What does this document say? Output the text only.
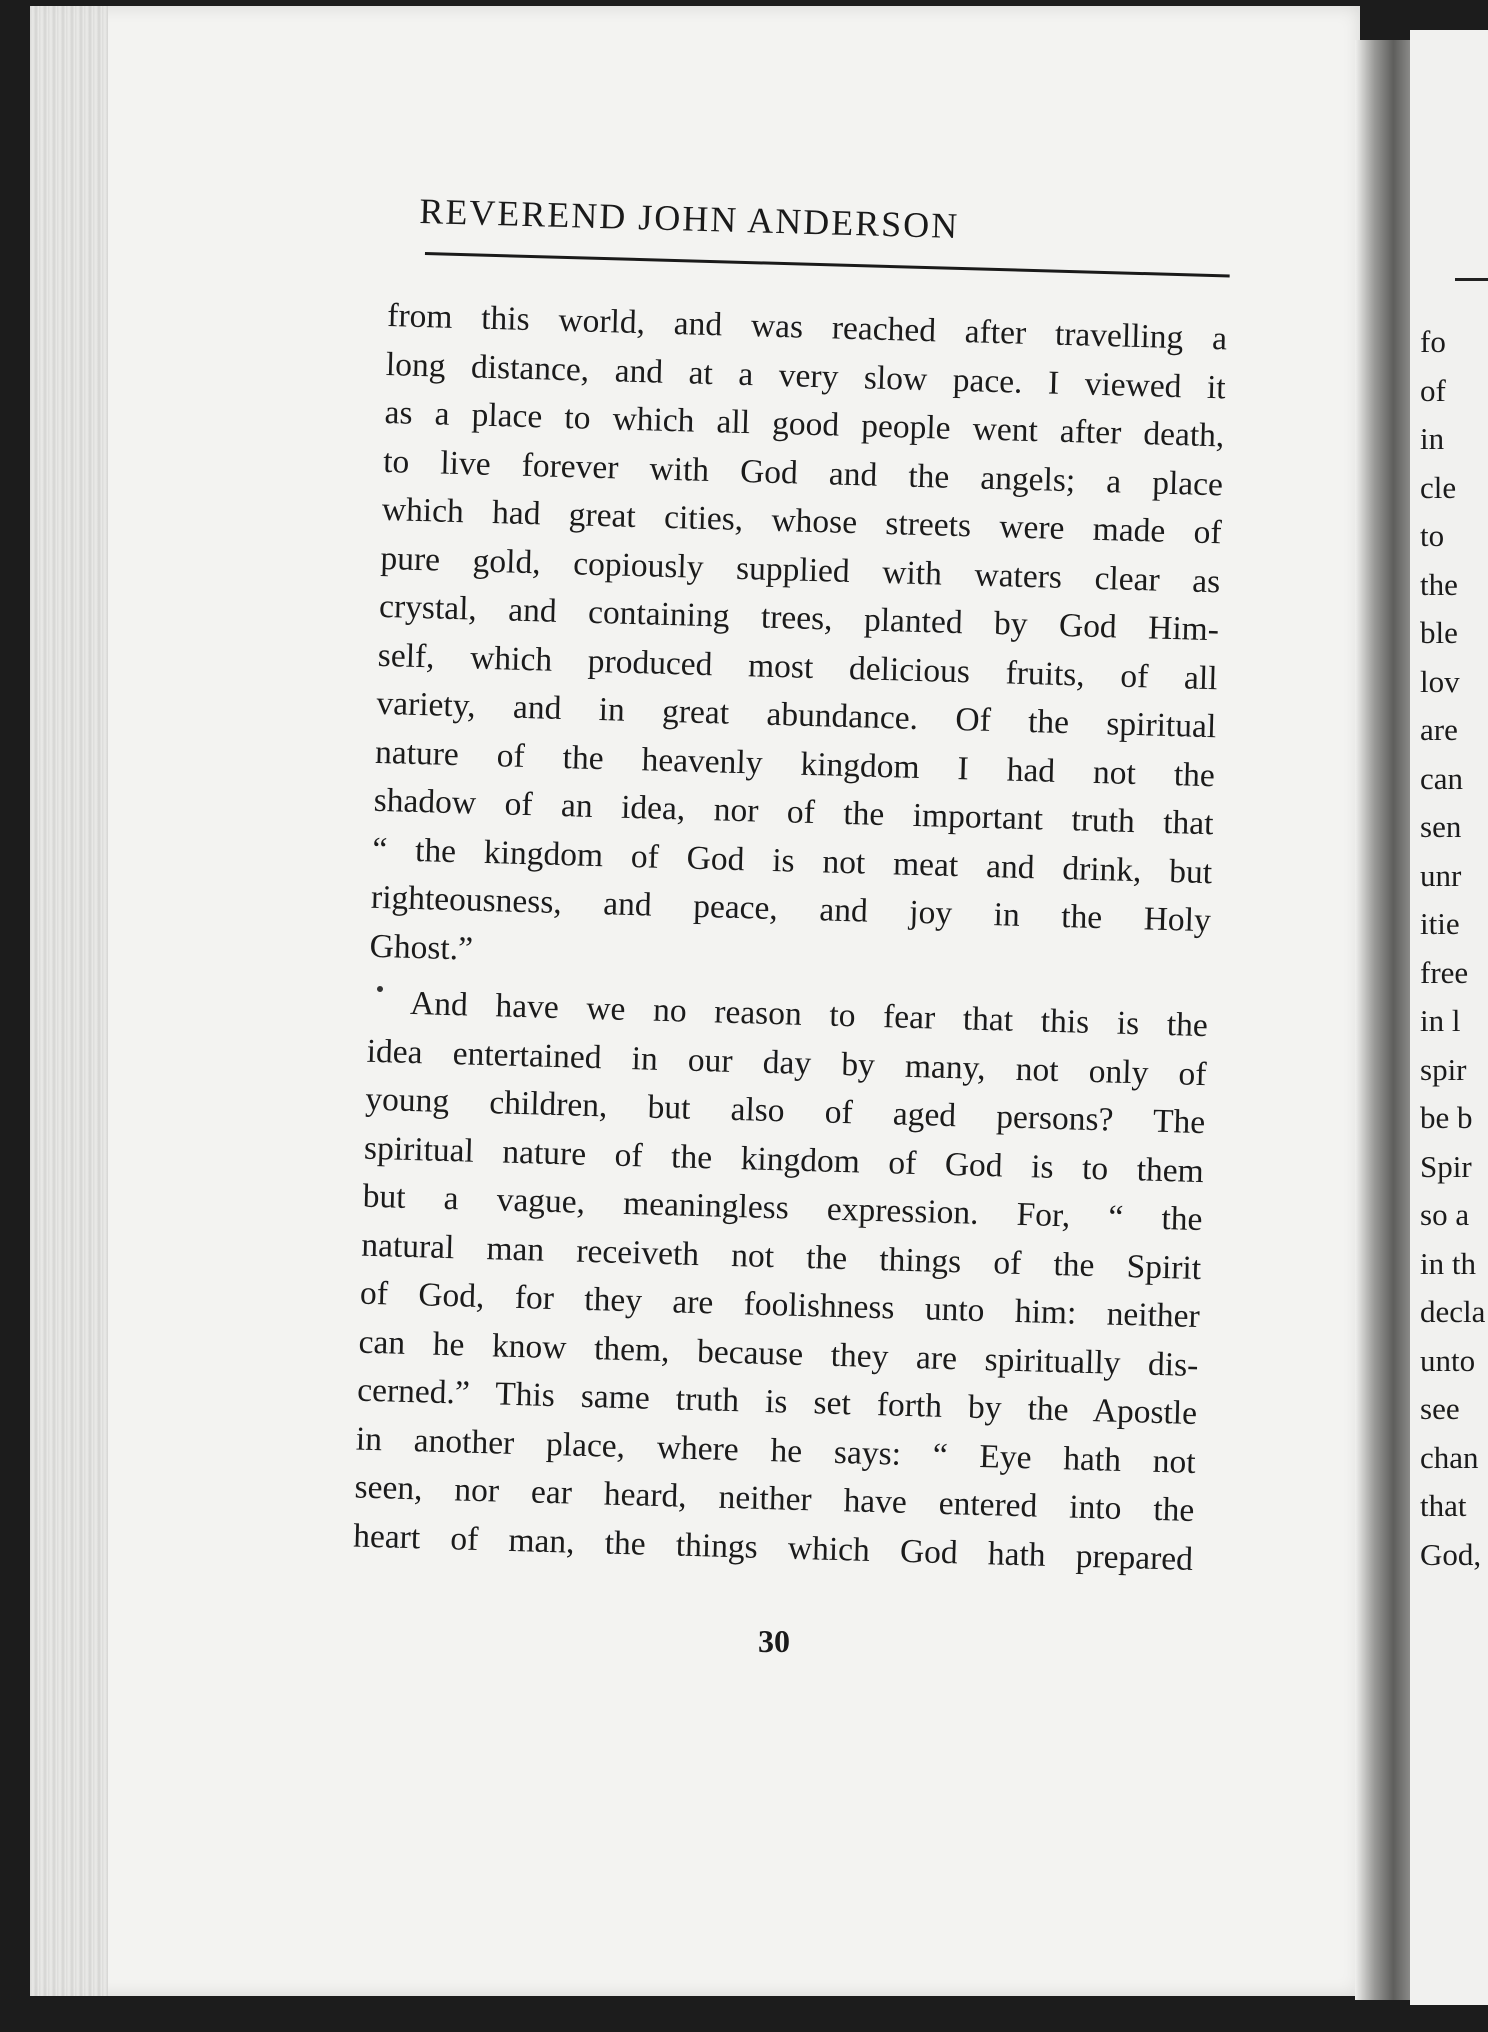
REVEREND JOHN ANDERSON
from this world, and was reached after travelling a
long distance, and at a very slow pace. I viewed it
as a place to which all good people went after death,
to live forever with God and the angels; a place
which had great cities, whose streets were made of
pure gold, copiously supplied with waters clear as
crystal, and containing trees, planted by God Him-
self, which produced most delicious fruits, of all
variety, and in great abundance. Of the spiritual
nature of the heavenly kingdom I had not the
shadow of an idea, nor of the important truth that
“ the kingdom of God is not meat and drink, but
righteousness, and peace, and joy in the Holy
Ghost.”
And have we no reason to fear that this is the
idea entertained in our day by many, not only of
young children, but also of aged persons? The
spiritual nature of the kingdom of God is to them
but a vague, meaningless expression. For, “ the
natural man receiveth not the things of the Spirit
of God, for they are foolishness unto him: neither
can he know them, because they are spiritually dis-
cerned.” This same truth is set forth by the Apostle
in another place, where he says: “ Eye hath not
seen, nor ear heard, neither have entered into the
heart of man, the things which God hath prepared
30
fo
of
in
cle
to
the
ble
lov
are
can
sen
unr
itie
free
in l
spir
be b
Spir
so a
in th
decla
unto
see
chan
that
God,
